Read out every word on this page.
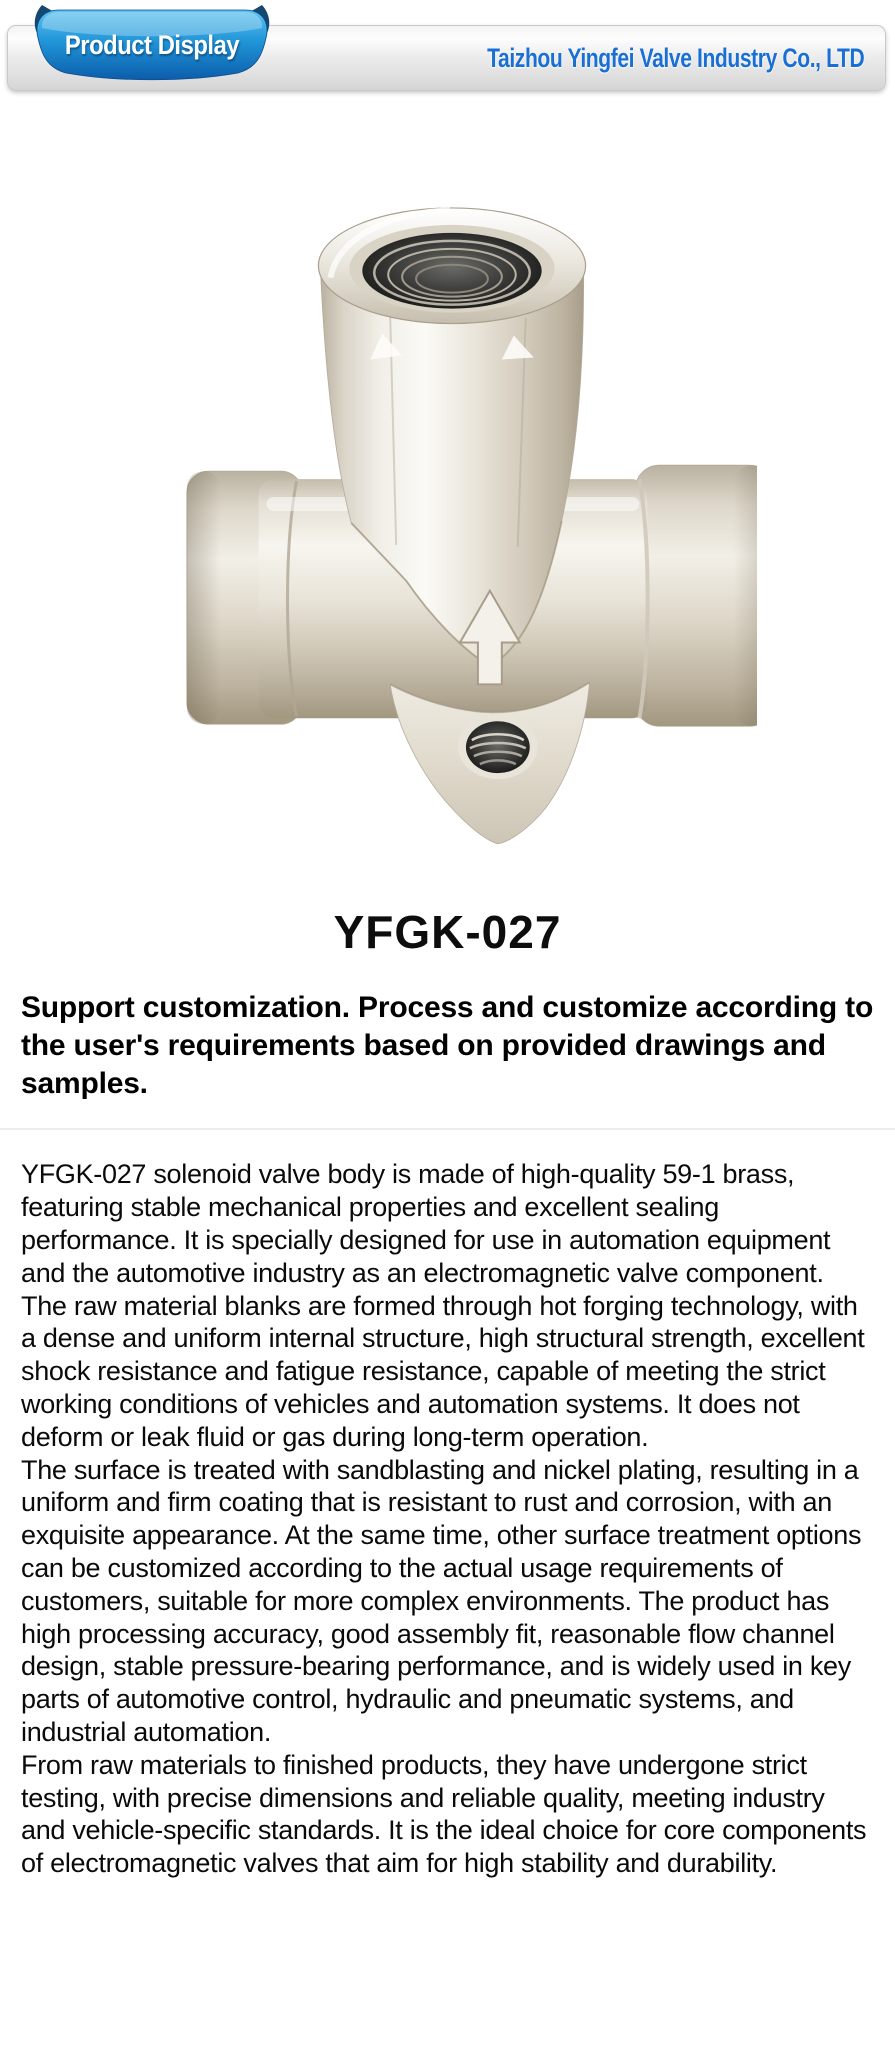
Taizhou Yingfei Valve Industry Co., LTD
Product Display
YFGK-027

Support customization. Process and customize according to the user's requirements based on provided drawings and samples.

YFGK-027 solenoid valve body is made of high-quality 59-1 brass, featuring stable mechanical properties and excellent sealing performance. It is specially designed for use in automation equipment and the automotive industry as an electromagnetic valve component. The raw material blanks are formed through hot forging technology, with a dense and uniform internal structure, high structural strength, excellent shock resistance and fatigue resistance, capable of meeting the strict working conditions of vehicles and automation systems. It does not deform or leak fluid or gas during long-term operation.

The surface is treated with sandblasting and nickel plating, resulting in a uniform and firm coating that is resistant to rust and corrosion, with an exquisite appearance. At the same time, other surface treatment options can be customized according to the actual usage requirements of customers, suitable for more complex environments. The product has high processing accuracy, good assembly fit, reasonable flow channel design, stable pressure-bearing performance, and is widely used in key parts of automotive control, hydraulic and pneumatic systems, and industrial automation.

From raw materials to finished products, they have undergone strict testing, with precise dimensions and reliable quality, meeting industry and vehicle-specific standards. It is the ideal choice for core components of electromagnetic valves that aim for high stability and durability.
